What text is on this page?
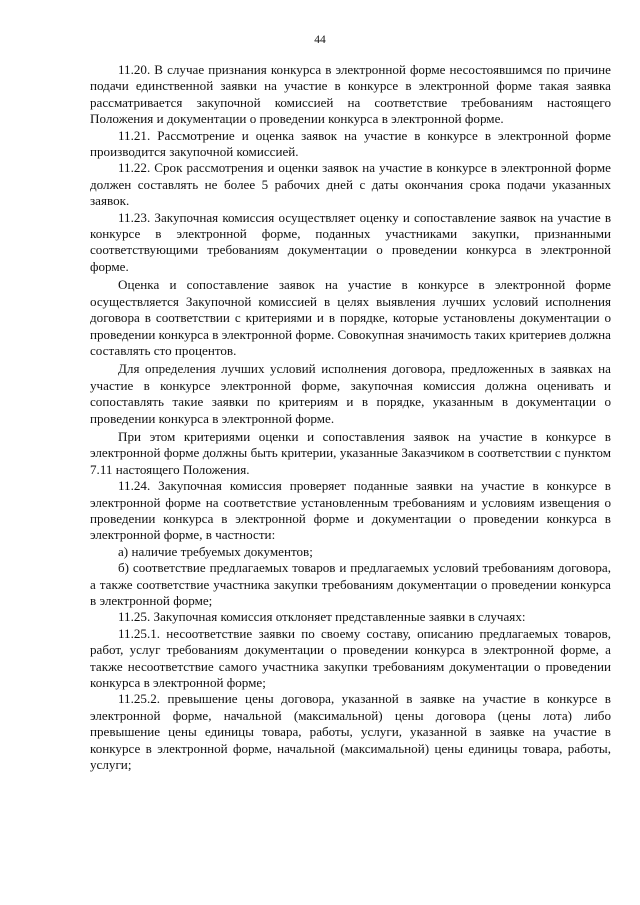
44

11.20. В случае признания конкурса в электронной форме несостоявшимся по причине подачи единственной заявки на участие в конкурсе в электронной форме такая заявка рассматривается закупочной комиссией на соответствие требованиям настоящего Положения и документации о проведении конкурса в электронной форме.

11.21. Рассмотрение и оценка заявок на участие в конкурсе в электронной форме производится закупочной комиссией.

11.22. Срок рассмотрения и оценки заявок на участие в конкурсе в электронной форме должен составлять не более 5 рабочих дней с даты окончания срока подачи указанных заявок.

11.23. Закупочная комиссия осуществляет оценку и сопоставление заявок на участие в конкурсе в электронной форме, поданных участниками закупки, признанными соответствующими требованиям документации о проведении конкурса в электронной форме.

Оценка и сопоставление заявок на участие в конкурсе в электронной форме осуществляется Закупочной комиссией в целях выявления лучших условий исполнения договора в соответствии с критериями и в порядке, которые установлены документации о проведении конкурса в электронной форме. Совокупная значимость таких критериев должна составлять сто процентов.

Для определения лучших условий исполнения договора, предложенных в заявках на участие в конкурсе электронной форме, закупочная комиссия должна оценивать и сопоставлять такие заявки по критериям и в порядке, указанным в документации о проведении конкурса в электронной форме.

При этом критериями оценки и сопоставления заявок на участие в конкурсе в электронной форме должны быть критерии, указанные Заказчиком в соответствии с пунктом 7.11 настоящего Положения.

11.24. Закупочная комиссия проверяет поданные заявки на участие в конкурсе в электронной форме на соответствие установленным требованиям и условиям извещения о проведении конкурса в электронной форме и документации о проведении конкурса в электронной форме, в частности:

а) наличие требуемых документов;

б) соответствие предлагаемых товаров и предлагаемых условий требованиям договора, а также соответствие участника закупки требованиям документации о проведении конкурса в электронной форме;

11.25. Закупочная комиссия отклоняет представленные заявки в случаях:

11.25.1. несоответствие заявки по своему составу, описанию предлагаемых товаров, работ, услуг требованиям документации о проведении конкурса в электронной форме, а также несоответствие самого участника закупки требованиям документации о проведении конкурса в электронной форме;

11.25.2. превышение цены договора, указанной в заявке на участие в конкурсе в электронной форме, начальной (максимальной) цены договора (цены лота) либо превышение цены единицы товара, работы, услуги, указанной в заявке на участие в конкурсе в электронной форме, начальной (максимальной) цены единицы товара, работы, услуги;
